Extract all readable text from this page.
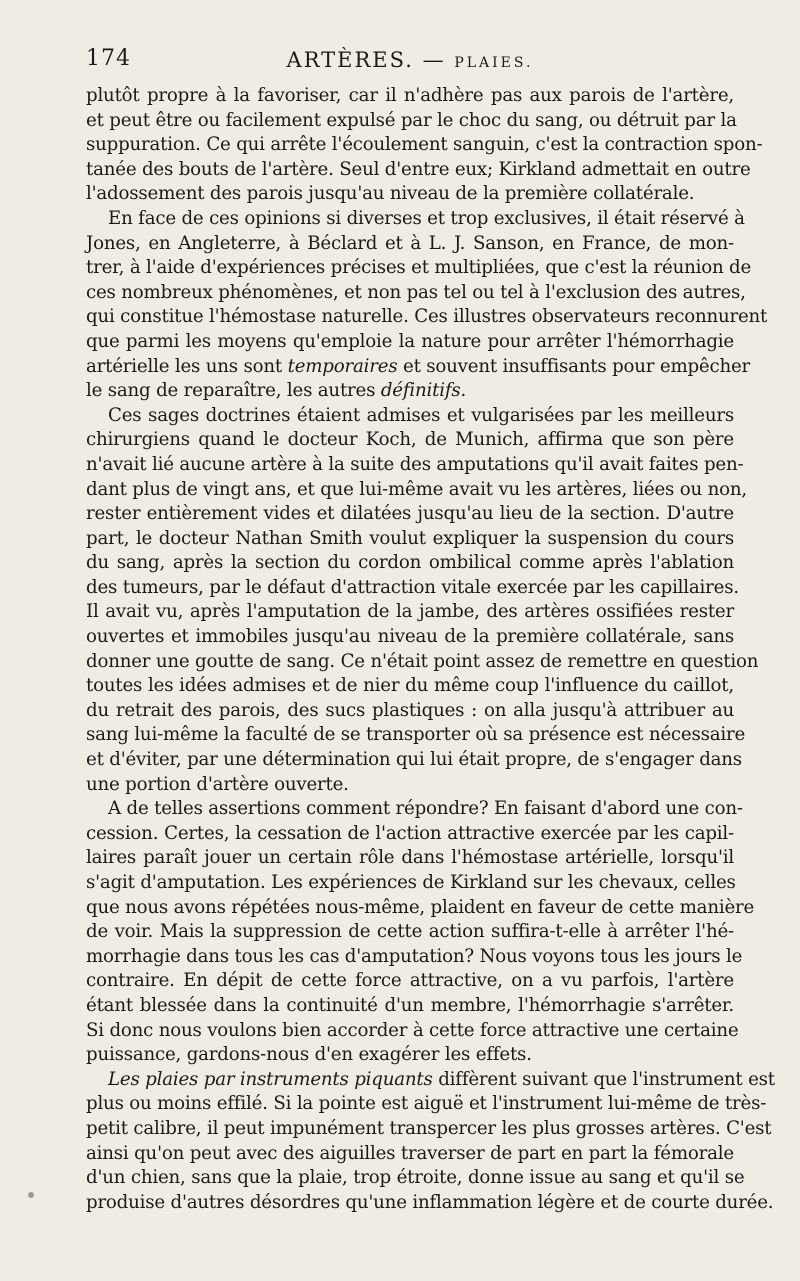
174	ARTÈRES. — PLAIES.

plutôt propre à la favoriser, car il n'adhère pas aux parois de l'artère,
et peut être ou facilement expulsé par le choc du sang, ou détruit par la
suppuration. Ce qui arrête l'écoulement sanguin, c'est la contraction spon-
tanée des bouts de l'artère. Seul d'entre eux; Kirkland admettait en outre
l'adossement des parois jusqu'au niveau de la première collatérale.

En face de ces opinions si diverses et trop exclusives, il était réservé à
Jones, en Angleterre, à Béclard et à L. J. Sanson, en France, de mon-
trer, à l'aide d'expériences précises et multipliées, que c'est la réunion de
ces nombreux phénomènes, et non pas tel ou tel à l'exclusion des autres,
qui constitue l'hémostase naturelle. Ces illustres observateurs reconnurent
que parmi les moyens qu'emploie la nature pour arrêter l'hémorrhagie
artérielle les uns sont temporaires et souvent insuffisants pour empêcher
le sang de reparaître, les autres définitifs.

Ces sages doctrines étaient admises et vulgarisées par les meilleurs
chirurgiens quand le docteur Koch, de Munich, affirma que son père
n'avait lié aucune artère à la suite des amputations qu'il avait faites pen-
dant plus de vingt ans, et que lui-même avait vu les artères, liées ou non,
rester entièrement vides et dilatées jusqu'au lieu de la section. D'autre
part, le docteur Nathan Smith voulut expliquer la suspension du cours
du sang, après la section du cordon ombilical comme après l'ablation
des tumeurs, par le défaut d'attraction vitale exercée par les capillaires.
Il avait vu, après l'amputation de la jambe, des artères ossifiées rester
ouvertes et immobiles jusqu'au niveau de la première collatérale, sans
donner une goutte de sang. Ce n'était point assez de remettre en question
toutes les idées admises et de nier du même coup l'influence du caillot,
du retrait des parois, des sucs plastiques : on alla jusqu'à attribuer au
sang lui-même la faculté de se transporter où sa présence est nécessaire
et d'éviter, par une détermination qui lui était propre, de s'engager dans
une portion d'artère ouverte.

A de telles assertions comment répondre? En faisant d'abord une con-
cession. Certes, la cessation de l'action attractive exercée par les capil-
laires paraît jouer un certain rôle dans l'hémostase artérielle, lorsqu'il
s'agit d'amputation. Les expériences de Kirkland sur les chevaux, celles
que nous avons répétées nous-même, plaident en faveur de cette manière
de voir. Mais la suppression de cette action suffira-t-elle à arrêter l'hé-
morrhagie dans tous les cas d'amputation? Nous voyons tous les jours le
contraire. En dépit de cette force attractive, on a vu parfois, l'artère
étant blessée dans la continuité d'un membre, l'hémorrhagie s'arrêter.
Si donc nous voulons bien accorder à cette force attractive une certaine
puissance, gardons-nous d'en exagérer les effets.

Les plaies par instruments piquants diffèrent suivant que l'instrument est
plus ou moins effilé. Si la pointe est aiguë et l'instrument lui-même de très-
petit calibre, il peut impunément transpercer les plus grosses artères. C'est
ainsi qu'on peut avec des aiguilles traverser de part en part la fémorale
d'un chien, sans que la plaie, trop étroite, donne issue au sang et qu'il se
produise d'autres désordres qu'une inflammation légère et de courte durée.
